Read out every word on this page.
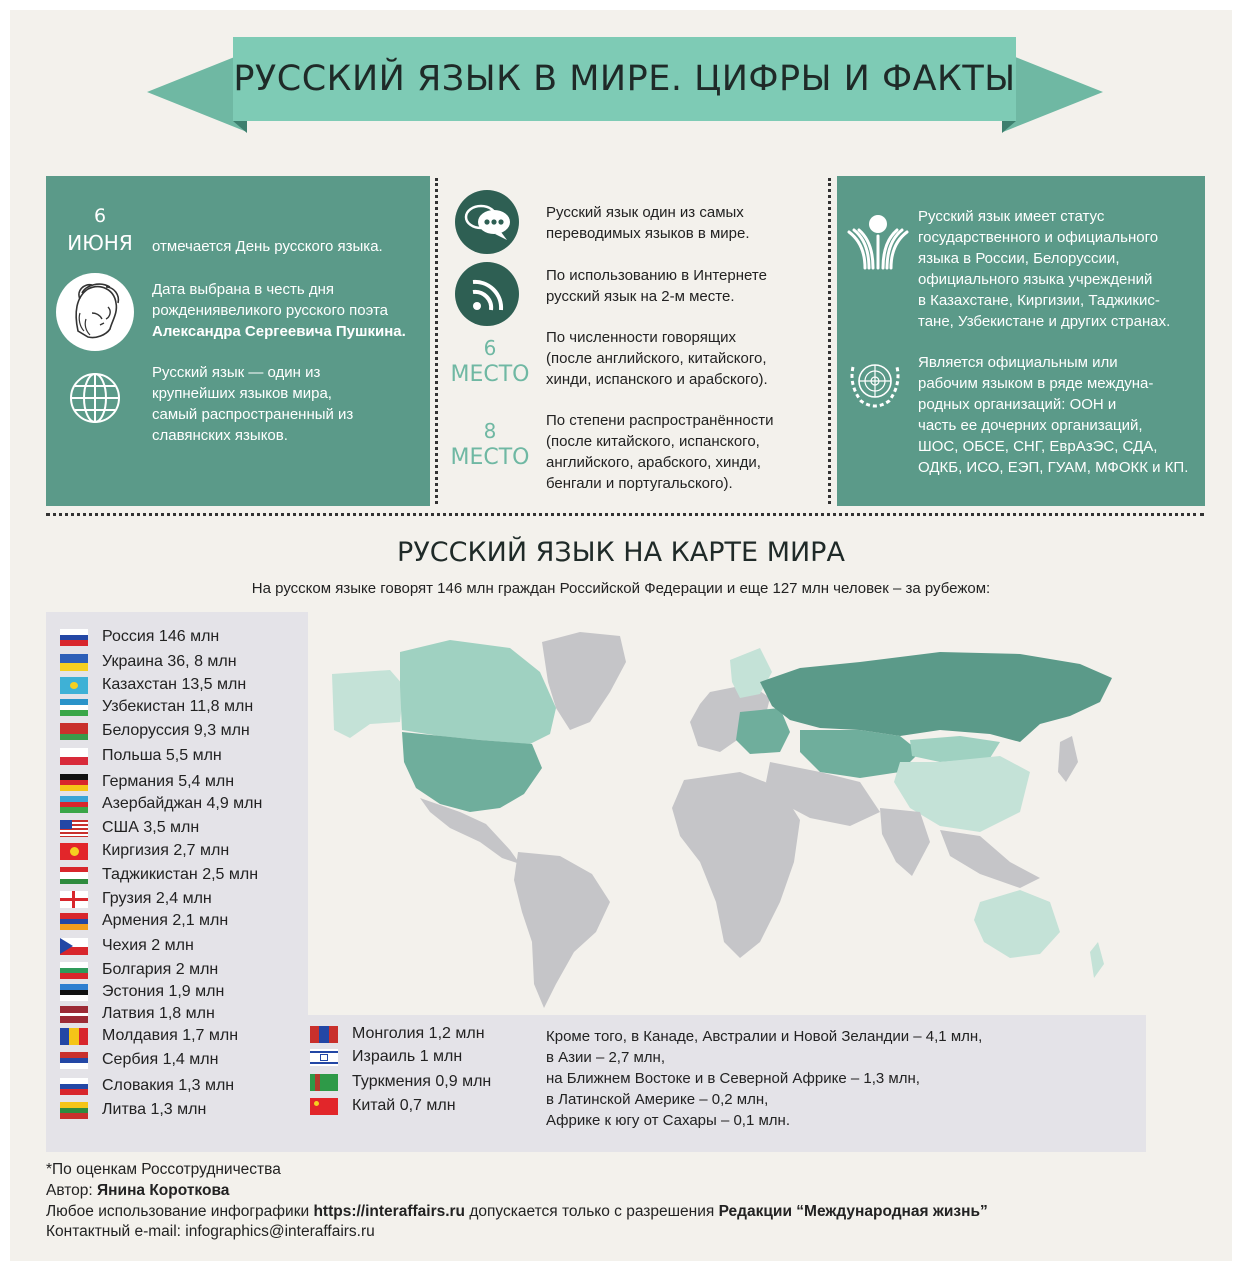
РУССКИЙ ЯЗЫК В МИРЕ. ЦИФРЫ И ФАКТЫ
6
ИЮНЯ	отмечается День русского языка.
Дата выбрана в честь дня
рождениявеликого русского поэта
Александра Сергеевича Пушкина.
Русский язык — один из
крупнейших языков мира,
самый распространенный из
славянских языков.
Русский язык один из самых
переводимых языков в мире.
По использованию в Интернете
русский язык на 2-м месте.
6
МЕСТО
По численности говорящих
(после английского, китайского,
хинди, испанского и арабского).
8
МЕСТО
По степени распространённости
(после китайского, испанского,
английского, арабского, хинди,
бенгали и португальского).
Русский язык имеет статус
государственного и официального
языка в России, Белоруссии,
официального языка учреждений
в Казахстане, Киргизии, Таджикис-
тане, Узбекистане и других странах.
Является официальным или
рабочим языком в ряде междуна-
родных организаций: ООН и
часть ее дочерних организаций,
ШОС, ОБСЕ, СНГ, ЕврАзЭС, СДА,
ОДКБ, ИСО, ЕЭП, ГУАМ, МФОКК и КП.
РУССКИЙ ЯЗЫК НА КАРТЕ МИРА
На русском языке говорят 146 млн граждан Российской Федерации и еще 127 млн человек – за рубежом:
Россия
146 млн
Украина
36, 8 млн
Казахстан
13,5 млн
Узбекистан
11,8 млн
Белоруссия
9,3 млн
Польша
5,5 млн
Германия
5,4 млн
Азербайджан
4,9 млн
США
3,5 млн
Киргизия
2,7 млн
Таджикистан
2,5 млн
Грузия
2,4 млн
Армения
2,1 млн
Чехия
2 млн
Болгария
2 млн
Эстония
1,9 млн
Латвия
1,8 млн
Молдавия
1,7 млн
Сербия
1,4 млн
Словакия
1,3 млн
Литва
1,3 млн
Монголия
1,2 млн
Израиль
1 млн
Туркмения
0,9 млн
Китай
0,7 млн
Кроме того, в Канаде, Австралии и Новой Зеландии – 4,1 млн,
в Азии – 2,7 млн,
на Ближнем Востоке и в Северной Африке – 1,3 млн,
в Латинской Америке – 0,2 млн,
Африке к югу от Сахары – 0,1 млн.
*По оценкам Россотрудничества
Автор: Янина Короткова
Любое использование инфографики https://interaffairs.ru допускается только с разрешения Редакции “Международная жизнь”
Контактный e-mail: infographics@interaffairs.ru
